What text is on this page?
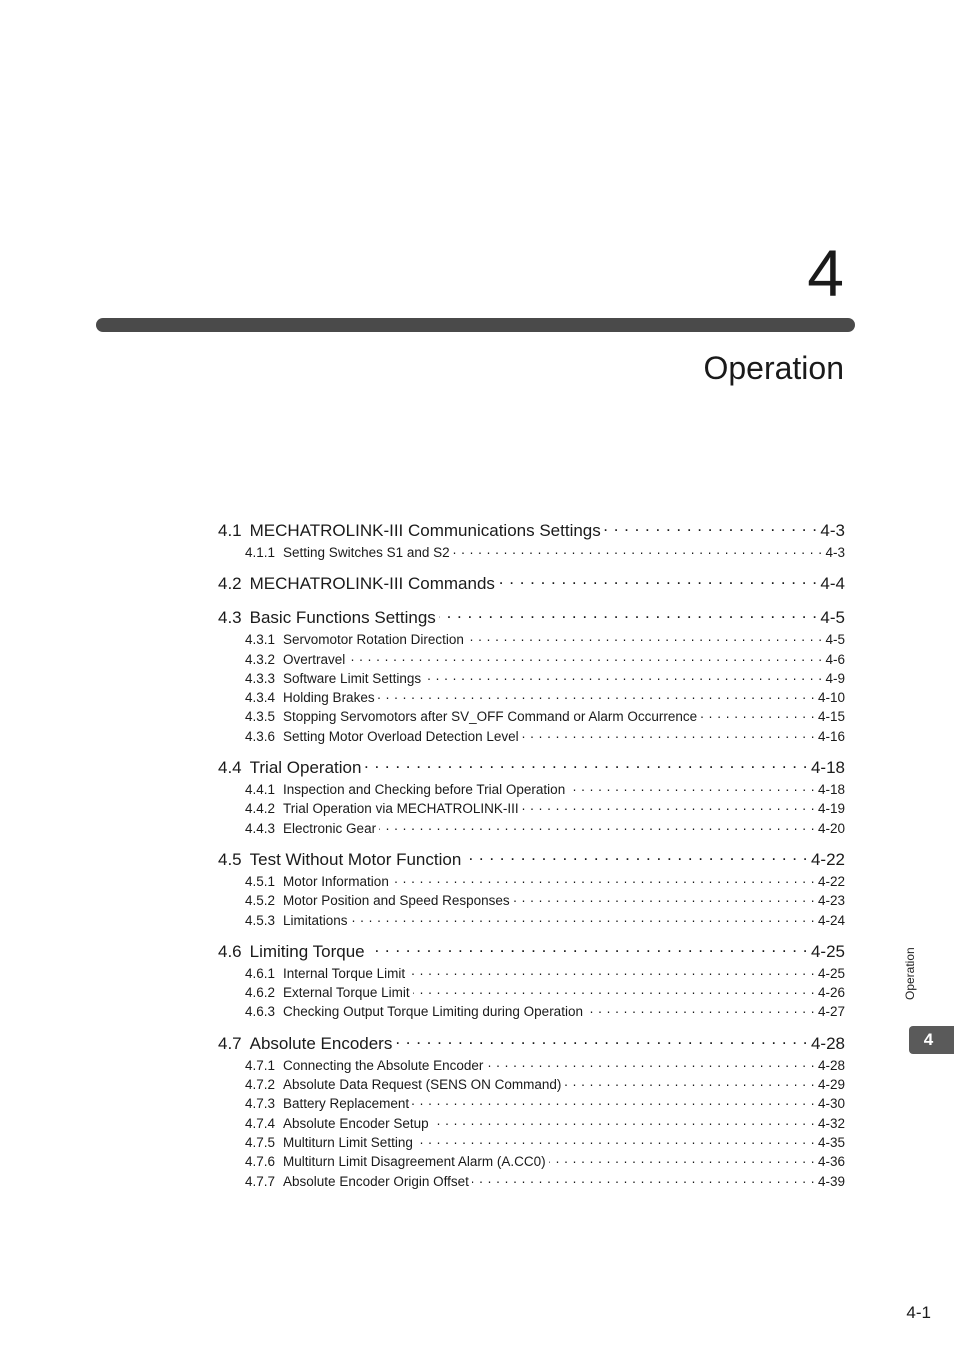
4
Operation
4.1 MECHATROLINK-III Communications Settings . . .	4-3
4.1.1 Setting Switches S1 and S2 . . .	4-3
4.2 MECHATROLINK-III Commands . . .	4-4
4.3 Basic Functions Settings . . .	4-5
4.3.1 Servomotor Rotation Direction . . .	4-5
4.3.2 Overtravel . . .	4-6
4.3.3 Software Limit Settings . . .	4-9
4.3.4 Holding Brakes . . .	4-10
4.3.5 Stopping Servomotors after SV_OFF Command or Alarm Occurrence . . .	4-15
4.3.6 Setting Motor Overload Detection Level . . .	4-16
4.4 Trial Operation . . .	4-18
4.4.1 Inspection and Checking before Trial Operation . . .	4-18
4.4.2 Trial Operation via MECHATROLINK-III . . .	4-19
4.4.3 Electronic Gear . . .	4-20
4.5 Test Without Motor Function . . .	4-22
4.5.1 Motor Information . . .	4-22
4.5.2 Motor Position and Speed Responses . . .	4-23
4.5.3 Limitations . . .	4-24
4.6 Limiting Torque . . .	4-25
4.6.1 Internal Torque Limit . . .	4-25
4.6.2 External Torque Limit . . .	4-26
4.6.3 Checking Output Torque Limiting during Operation . . .	4-27
4.7 Absolute Encoders . . .	4-28
4.7.1 Connecting the Absolute Encoder . . .	4-28
4.7.2 Absolute Data Request (SENS ON Command) . . .	4-29
4.7.3 Battery Replacement . . .	4-30
4.7.4 Absolute Encoder Setup . . .	4-32
4.7.5 Multiturn Limit Setting . . .	4-35
4.7.6 Multiturn Limit Disagreement Alarm (A.CC0) . . .	4-36
4.7.7 Absolute Encoder Origin Offset . . .	4-39
Operation
4
4-1
